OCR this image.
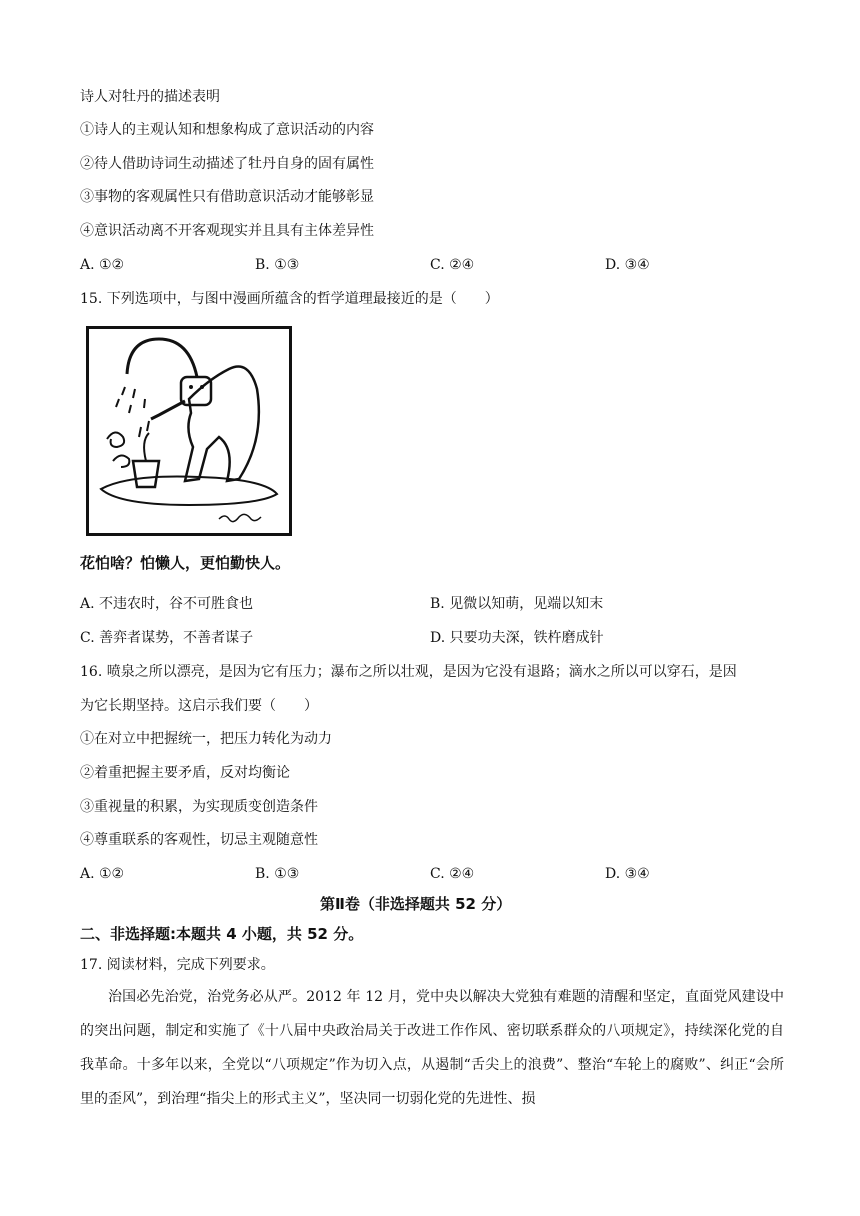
诗人对牡丹的描述表明
①诗人的主观认知和想象构成了意识活动的内容
②待人借助诗词生动描述了牡丹自身的固有属性
③事物的客观属性只有借助意识活动才能够彰显
④意识活动离不开客观现实并且具有主体差异性
A. ①②	B. ①③	C. ②④	D. ③④
15. 下列选项中，与图中漫画所蕴含的哲学道理最接近的是（　　）
花怕啥？怕懒人，更怕勤快人。
A. 不违农时，谷不可胜食也	B. 见微以知萌，见端以知末
C. 善弈者谋势，不善者谋子	D. 只要功夫深，铁杵磨成针
16. 喷泉之所以漂亮，是因为它有压力；瀑布之所以壮观，是因为它没有退路；滴水之所以可以穿石，是因
为它长期坚持。这启示我们要（　　）
①在对立中把握统一，把压力转化为动力
②着重把握主要矛盾，反对均衡论
③重视量的积累，为实现质变创造条件
④尊重联系的客观性，切忌主观随意性
A. ①②	B. ①③	C. ②④	D. ③④
第Ⅱ卷（非选择题共 52 分）
二、非选择题:本题共 4 小题，共 52 分。
17. 阅读材料，完成下列要求。
治国必先治党，治党务必从严。2012 年 12 月，党中央以解决大党独有难题的清醒和坚定，直面党风建设中的突出问题，制定和实施了《十八届中央政治局关于改进工作作风、密切联系群众的八项规定》，持续深化党的自我革命。十多年以来，全党以“八项规定”作为切入点，从遏制“舌尖上的浪费”、整治“车轮上的腐败”、纠正“会所里的歪风”，到治理“指尖上的形式主义”，坚决同一切弱化党的先进性、损
